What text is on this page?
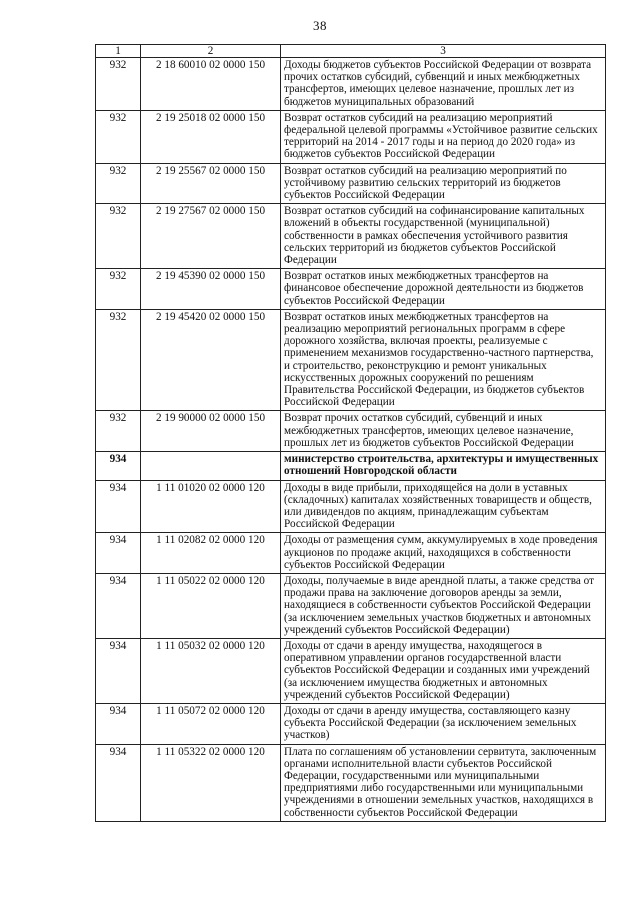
38
1	2	3
932	2 18 60010 02 0000 150	Доходы бюджетов субъектов Российской Федерации от возврата прочих остатков субсидий, субвенций и иных межбюджетных трансфертов, имеющих целевое назначение, прошлых лет из бюджетов муниципальных образований
932	2 19 25018 02 0000 150	Возврат остатков субсидий на реализацию мероприятий федеральной целевой программы «Устойчивое развитие сельских территорий на 2014 - 2017 годы и на период до 2020 года» из бюджетов субъектов Российской Федерации
932	2 19 25567 02 0000 150	Возврат остатков субсидий на реализацию мероприятий по устойчивому развитию сельских территорий из бюджетов субъектов Российской Федерации
932	2 19 27567 02 0000 150	Возврат остатков субсидий на софинансирование капитальных вложений в объекты государственной (муниципальной) собственности в рамках обеспечения устойчивого развития сельских территорий из бюджетов субъектов Российской Федерации
932	2 19 45390 02 0000 150	Возврат остатков иных межбюджетных трансфертов на финансовое обеспечение дорожной деятельности из бюджетов субъектов Российской Федерации
932	2 19 45420 02 0000 150	Возврат остатков иных межбюджетных трансфертов на реализацию мероприятий региональных программ в сфере дорожного хозяйства, включая проекты, реализуемые с применением механизмов государственно-частного партнерства, и строительство, реконструкцию и ремонт уникальных искусственных дорожных сооружений по решениям Правительства Российской Федерации, из бюджетов субъектов Российской Федерации
932	2 19 90000 02 0000 150	Возврат прочих остатков субсидий, субвенций и иных межбюджетных трансфертов, имеющих целевое назначение, прошлых лет из бюджетов субъектов Российской Федерации
934		министерство строительства, архитектуры и имущественных отношений Новгородской области
934	1 11 01020 02 0000 120	Доходы в виде прибыли, приходящейся на доли в уставных (складочных) капиталах хозяйственных товариществ и обществ, или дивидендов по акциям, принадлежащим субъектам Российской Федерации
934	1 11 02082 02 0000 120	Доходы от размещения сумм, аккумулируемых в ходе проведения аукционов по продаже акций, находящихся в собственности субъектов Российской Федерации
934	1 11 05022 02 0000 120	Доходы, получаемые в виде арендной платы, а также средства от продажи права на заключение договоров аренды за земли, находящиеся в собственности субъектов Российской Федерации (за исключением земельных участков бюджетных и автономных учреждений субъектов Российской Федерации)
934	1 11 05032 02 0000 120	Доходы от сдачи в аренду имущества, находящегося в оперативном управлении органов государственной власти субъектов Российской Федерации и созданных ими учреждений (за исключением имущества бюджетных и автономных учреждений субъектов Российской Федерации)
934	1 11 05072 02 0000 120	Доходы от сдачи в аренду имущества, составляющего казну субъекта Российской Федерации (за исключением земельных участков)
934	1 11 05322 02 0000 120	Плата по соглашениям об установлении сервитута, заключенным органами исполнительной власти субъектов Российской Федерации, государственными или муниципальными предприятиями либо государственными или муниципальными учреждениями в отношении земельных участков, находящихся в собственности субъектов Российской Федерации
